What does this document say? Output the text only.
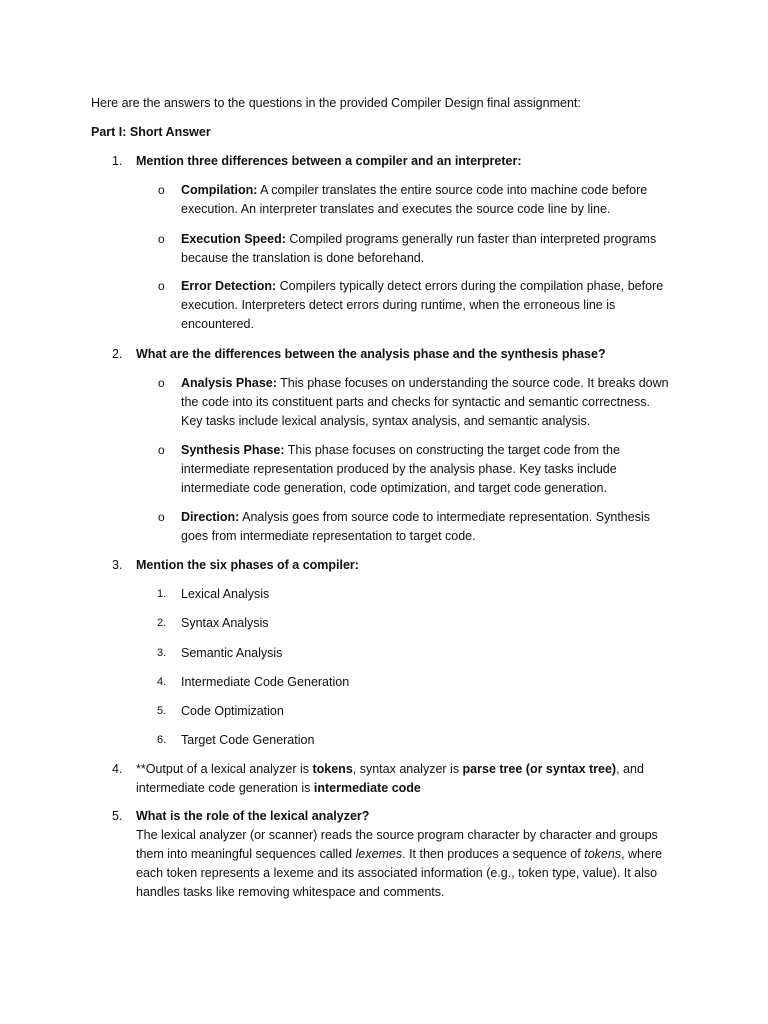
Here are the answers to the questions in the provided Compiler Design final assignment:

Part I: Short Answer

1. Mention three differences between a compiler and an interpreter:
o Compilation: A compiler translates the entire source code into machine code before execution. An interpreter translates and executes the source code line by line.
o Execution Speed: Compiled programs generally run faster than interpreted programs because the translation is done beforehand.
o Error Detection: Compilers typically detect errors during the compilation phase, before execution. Interpreters detect errors during runtime, when the erroneous line is encountered.
2. What are the differences between the analysis phase and the synthesis phase?
o Analysis Phase: This phase focuses on understanding the source code. It breaks down the code into its constituent parts and checks for syntactic and semantic correctness. Key tasks include lexical analysis, syntax analysis, and semantic analysis.
o Synthesis Phase: This phase focuses on constructing the target code from the intermediate representation produced by the analysis phase. Key tasks include intermediate code generation, code optimization, and target code generation.
o Direction: Analysis goes from source code to intermediate representation. Synthesis goes from intermediate representation to target code.
3. Mention the six phases of a compiler:
1. Lexical Analysis
2. Syntax Analysis
3. Semantic Analysis
4. Intermediate Code Generation
5. Code Optimization
6. Target Code Generation
4. **Output of a lexical analyzer is tokens, syntax analyzer is parse tree (or syntax tree), and intermediate code generation is intermediate code
5. What is the role of the lexical analyzer?
The lexical analyzer (or scanner) reads the source program character by character and groups them into meaningful sequences called lexemes. It then produces a sequence of tokens, where each token represents a lexeme and its associated information (e.g., token type, value). It also handles tasks like removing whitespace and comments.
